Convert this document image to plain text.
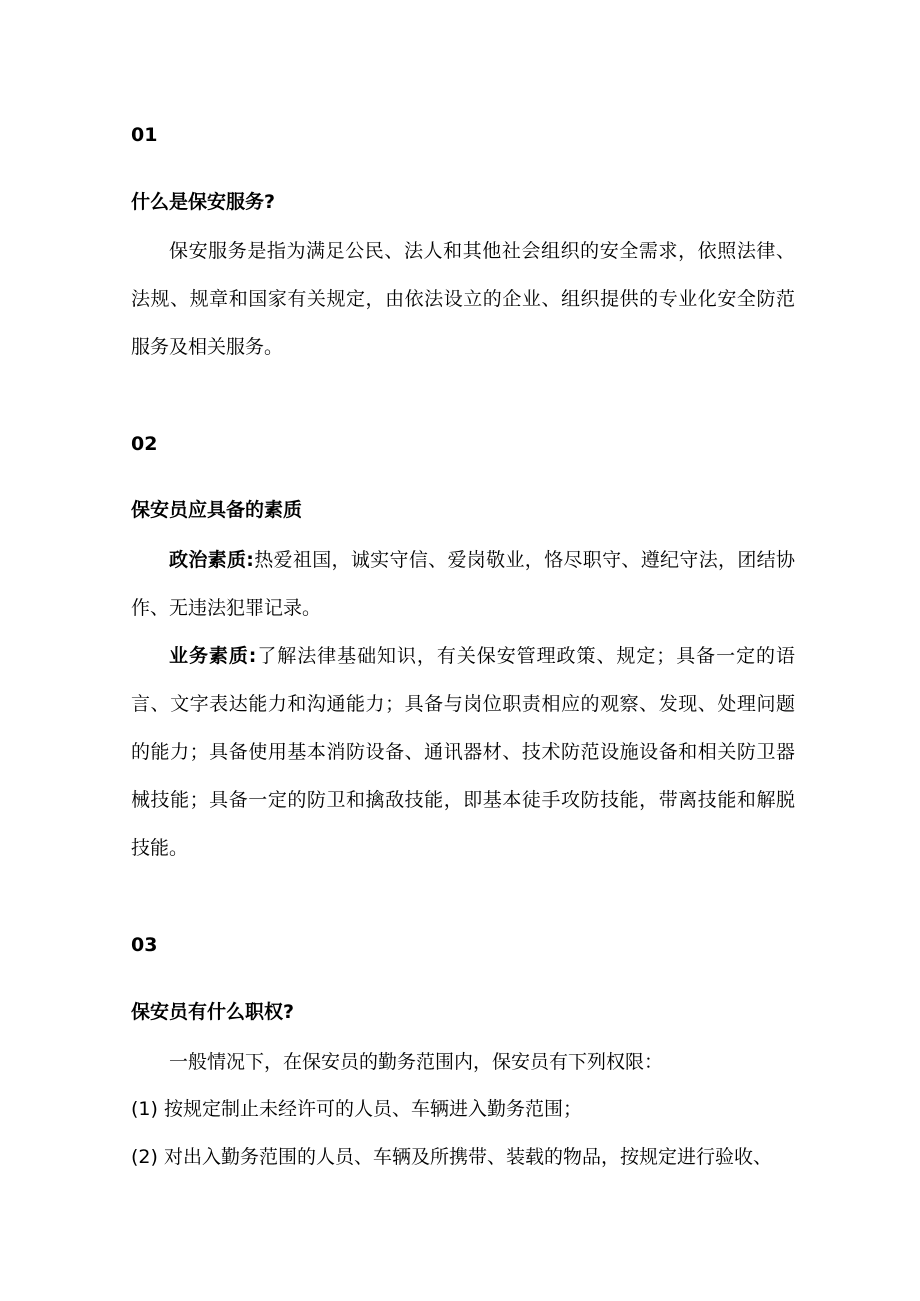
01
什么是保安服务?

保安服务是指为满足公民、法人和其他社会组织的安全需求，依照法律、法规、规章和国家有关规定，由依法设立的企业、组织提供的专业化安全防范服务及相关服务。

02
保安员应具备的素质

政治素质:热爱祖国，诚实守信、爱岗敬业，恪尽职守、遵纪守法，团结协作、无违法犯罪记录。

业务素质:了解法律基础知识，有关保安管理政策、规定；具备一定的语言、文字表达能力和沟通能力；具备与岗位职责相应的观察、发现、处理问题的能力；具备使用基本消防设备、通讯器材、技术防范设施设备和相关防卫器械技能；具备一定的防卫和擒敌技能，即基本徒手攻防技能，带离技能和解脱技能。

03
保安员有什么职权?

一般情况下，在保安员的勤务范围内，保安员有下列权限：

(1) 按规定制止未经许可的人员、车辆进入勤务范围；

(2) 对出入勤务范围的人员、车辆及所携带、装载的物品，按规定进行验收、
